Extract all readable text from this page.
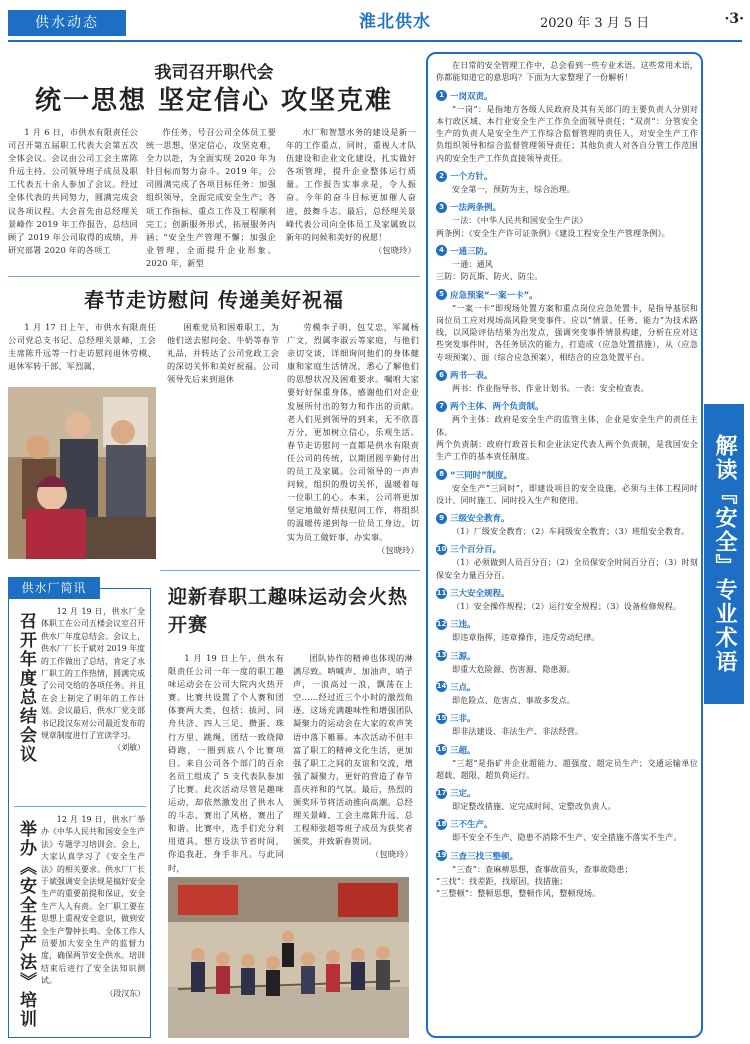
供水动态	淮北供水	2020 年 3 月 5 日	·3·
我司召开职代会
统一思想 坚定信心 攻坚克难
1 月 6 日，市供水有限责任公司召开第五届职工代表大会第五次全体会议。会议由公司工会主席陈升远主持。公司领导班子成员及职工代表五十余人参加了会议。经过全体代表的共同努力，圆满完成会议各项议程。大会首先由总经理关景峰作 2019 年工作报告，总结回顾了 2019 年公司取得的成绩，并研究部署 2020 年的各项工
作任务，号召公司全体员工要统一思想，坚定信心，攻坚克难，全力以赴，为全面实现 2020 年为针目标而努力奋斗。2019 年，公司圆满完成了各项目标任务：加强组织领导，全面完成安全生产；各项工作指标、重点工作及工程顺利完工；创新服务形式，拓展服务内涵；“安全生产管理不懈；加强企业管理，全面提升企业形象。2020 年，新型
水厂和智慧水务的建设是新一年的工作重点，同时，重视人才队伍建设和企业文化建设，扎实做好各项管理，提升企业整体运行质量。工作报告实事求是，令人振奋。今年的奋斗目标更加催人奋进，鼓舞斗志。最后，总经理关景峰代表公司向全体员工及家属致以新年的问候和美好的祝愿！
（包晓玲）
春节走访慰问 传递美好祝福
1 月 17 日上午，市供水有限责任公司党总支书记、总经理关景峰，工会主席陈升远等一行走访慰问退休劳模、退休军转干部、军烈属、
困难党员和困难职工，为他们送去慰问金、牛奶等春节礼品，并转达了公司党政工会的深切关怀和美好祝福。公司领导先后来到退休
劳模李子明、包艾忠，军属杨广文，烈属李淑云等家庭，与他们亲切交谈，详细询问他们的身体健康和家庭生活情况，悉心了解他们的思想状况及困难要求。嘱咐大家要好好保重身体，感谢他们对企业发展所付出的努力和作出的贡献。老人们见到领导的到来，无不欣喜万分，更加树立信心，乐观生活。春节走访慰问一直都是供水有限责任公司的传统，以期团圆辛勤付出的员工及家属。公司领导的一声声问候，组织的殷切关怀，温暖着每一位职工的心。本来，公司将更加坚定地做好帮扶慰问工作，将组织的温暖传递到每一位员工身边，切实为员工做好事、办实事。
（包晓玲）
供水厂简讯
召开年度总结会议
12 月 19 日，供水厂全体职工在公司五楼会议室召开供水厂年度总结会。会议上，供水厂厂长于斌对 2019 年度的工作做出了总结，肯定了水厂职工的工作热情，圆满完成了公司交给的各项任务。并且在会上制定了明年的工作计划。会议最后，供水厂党支部书记段汉东对公司最近发布的规章制度进行了宣读学习。
（刘敏）
举办《安全生产法》培训
12 月 19 日，供水厂举办《中华人民共和国安全生产法》专题学习培训会。会上，大家认真学习了《安全生产法》的相关要求。供水厂厂长于斌强调安全法规是搞好安全生产的重要前提和保证，安全生产人人有责。全厂职工要在思想上重视安全意识，做到安全生产警钟长鸣。全体工作人员要加大安全生产的监督力度，确保两节安全供水。培训结束后进行了安全法知识测试。
（段汉东）
迎新春职工趣味运动会火热开赛
1 月 19 日上午，供水有限责任公司一年一度的职工趣味运动会在公司大院内火热开赛。比赛共设置了个人赛和团体赛两大类，包括：拔河、同舟共济、四人三足、攒蛋、珠行万里、跳绳，团结一致绕障碍跑，一圈到底八个比赛项目。来自公司各个部门的百余名员工组成了 5 支代表队参加了比赛。此次活动尽管是趣味运动，却依然激发出了供水人的斗志，赛出了风格，赛出了和谐。比赛中，选手们充分利用道具，想方设法节省时间，你追我赶，身手非凡。与此同时，
团队协作的精神也体现的淋漓尽致。呐喊声、加油声、哨子声，一浪高过一浪，飘荡在上空……经过近三个小时的激烈角逐，这场充满趣味性和增强团队凝聚力的运动会在大家的欢声笑语中落下帷幕。本次活动不但丰富了职工的精神文化生活，更加强了职工之间的友谊和交流，增强了凝聚力，更好的营造了春节喜庆祥和的气氛。最后，热烈的颁奖环节将活动推向高潮。总经理关景峰、工会主席陈升远、总工程师张超等班子成员为获奖者颁奖，并致新春贺词。
（包晓玲）
解读『安全』专业术语
在日常的安全管理工作中，总会看到一些专业术语。这些常用术语，你都能知道它的意思吗？下面为大家整理了一份解析！
1 一岗双责。
“一岗”：是指地方各级人民政府及其有关部门的主要负责人分别对本行政区域、本行业安全生产工作负全面领导责任；“双责”：分管安全生产的负责人是安全生产工作综合监督管理的责任人，对安全生产工作负组织领导和综合监督管理领导责任；其他负责人对各自分管工作范围内的安全生产工作负直接领导责任。
2 一个方针。
安全第一，预防为主，综合治理。
3 一法两条例。
一法：《中华人民共和国安全生产法》
两条例：《安全生产许可证条例》《建设工程安全生产管理条例》。
4 一通三防。
一通：通风
三防：防瓦斯、防火、防尘。
5 应急预案“一案一卡”。
“一案一卡”即现场处置方案和重点岗位应急处置卡，是指导基层和岗位员工应对现场高风险突变事件。应以“情景、任务、能力”为技术路线，以风险评估结果为出发点，强调突变事件情景构建，分析在应对这些突发事件时，各任务层次的能力，打造成（应急处置措施），从（应急专项预案）、面（综合应急预案），相结合的应急处置平台。
6 两书一表。
两书：作业指导书、作业计划书。一表：安全检查表。
7 两个主体、两个负责制。
两个主体：政府是安全生产的监管主体，企业是安全生产的责任主体。
两个负责制：政府行政首长和企业法定代表人两个负责制，是我国安全生产工作的基本责任制度。
8 “三同时”制度。
安全生产“三同时”，即建设项目的安全设施，必须与主体工程同时设计、同时施工、同时投入生产和使用。
9 三级安全教育。
（1）厂级安全教育；（2）车间级安全教育；（3）班组安全教育。
10 三个百分百。
（1）必须做到人员百分百；（2）全员保安全时间百分百；（3）时刻保安全力量百分百。
11 三大安全规程。
（1）安全操作规程；（2）运行安全规程；（3）设备检修规程。
12 三违。
即违章指挥，违章操作，违反劳动纪律。
13 三源。
即重大危险源、伤害源、隐患源。
14 三点。
即危险点、危害点、事故多发点。
15 三非。
即非法建设、非法生产、非法经营。
16 三超。
“三超”是指矿井企业超能力、超强度、超定员生产；交通运输单位超载、超限、超负荷运行。
17 三定。
即定整改措施、定完成时间、定整改负责人。
18 三不生产。
即不安全不生产、隐患不消除不生产、安全措施不落实不生产。
19 三查三找三整顿。
“三查”：查麻痹思想，查事故苗头，查事故隐患；
“三找”：找差距，找原因，找措施；
“三整顿”：整顿思想，整顿作风，整顿现场。
